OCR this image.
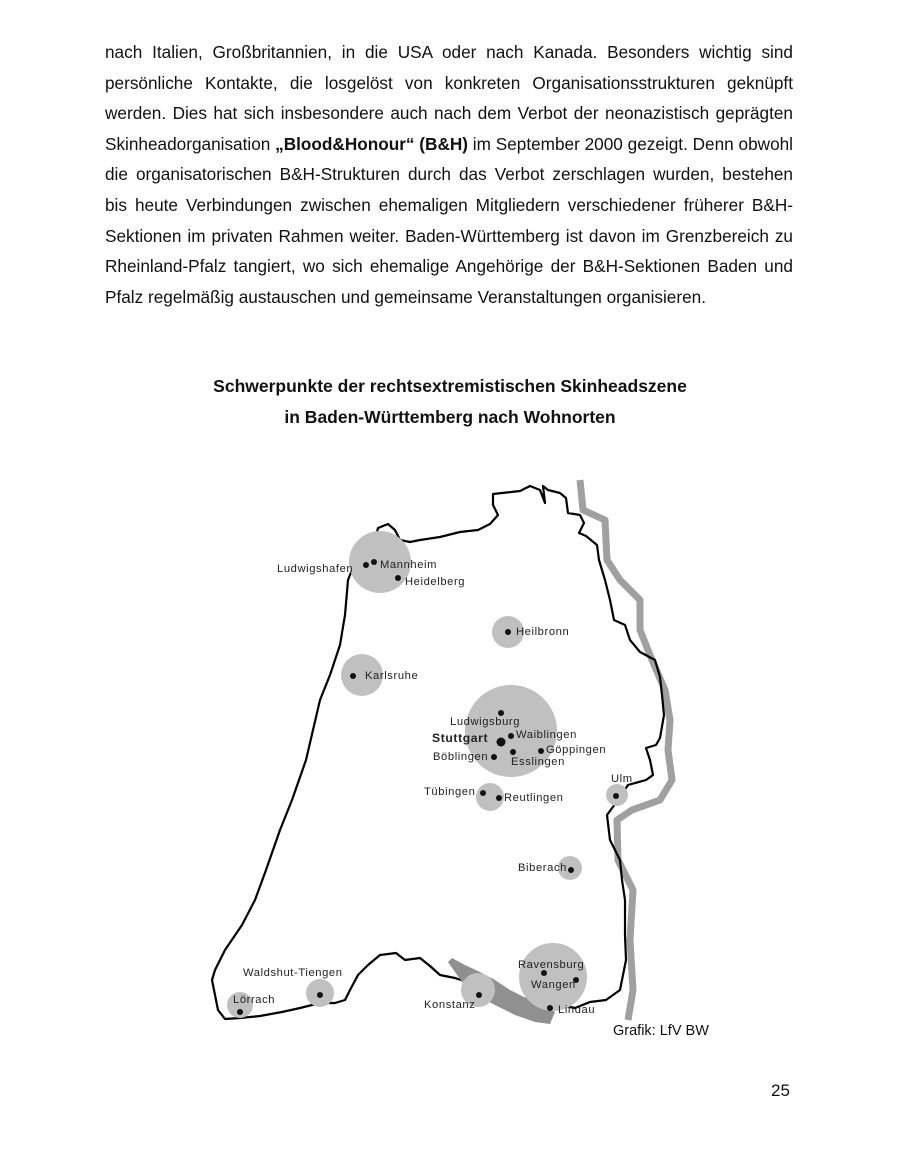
nach Italien, Großbritannien, in die USA oder nach Kanada. Besonders wichtig sind persönliche Kontakte, die losgelöst von konkreten Organisationsstrukturen geknüpft werden. Dies hat sich insbesondere auch nach dem Verbot der neonazistisch geprägten Skinheadorganisation „Blood&Honour“ (B&H) im September 2000 gezeigt. Denn obwohl die organisatorischen B&H-Strukturen durch das Verbot zerschlagen wurden, bestehen bis heute Verbindungen zwischen ehemaligen Mitgliedern verschiedener früherer B&H-Sektionen im privaten Rahmen weiter. Baden-Württemberg ist davon im Grenzbereich zu Rheinland-Pfalz tangiert, wo sich ehemalige Angehörige der B&H-Sektionen Baden und Pfalz regelmäßig austauschen und gemeinsame Veranstaltungen organisieren.
Schwerpunkte der rechtsextremistischen Skinheadszene
in Baden-Württemberg nach Wohnorten
Ludwigshafen Mannheim
Heidelberg
Heilbronn
Karlsruhe
Ludwigsburg
Stuttgart Waiblingen
Böblingen Esslingen
Göppingen
Ulm
Tübingen	Reutlingen
Biberach
Waldshut-Tiengen
Ravensburg
Wangen
Lörrach	Konstanz	Lindau
Grafik: LfV BW
25
